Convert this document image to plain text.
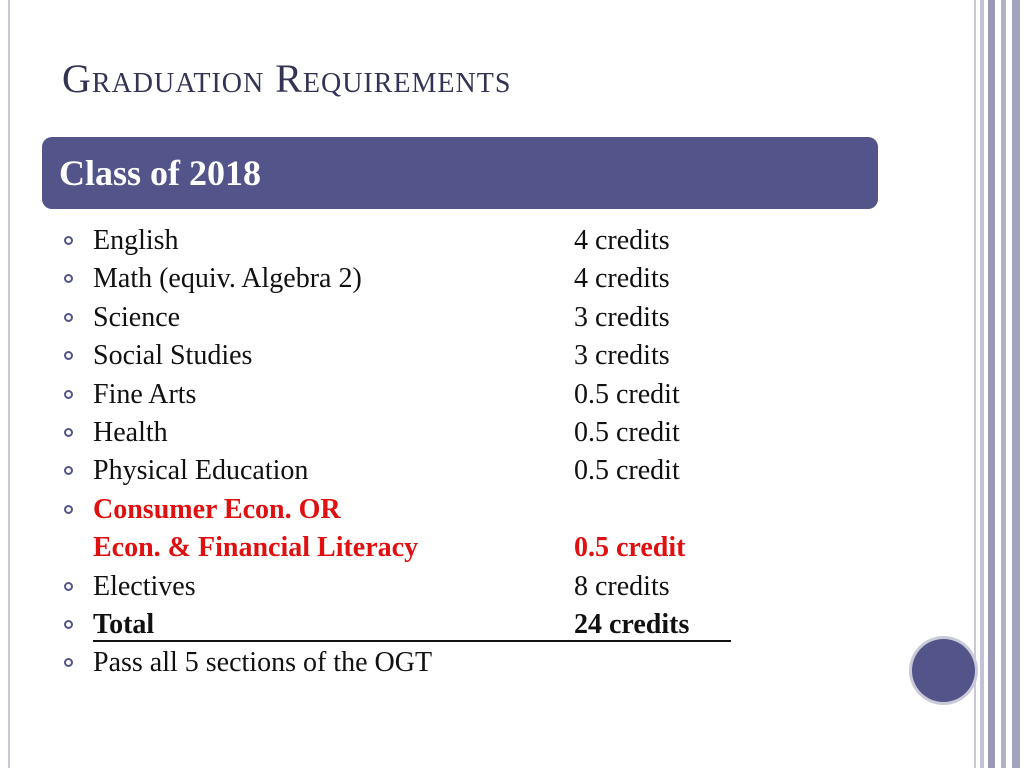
Graduation Requirements
Class of 2018
English	4 credits
Math (equiv. Algebra 2)	4 credits
Science	3 credits
Social Studies	3 credits
Fine Arts	0.5 credit
Health	0.5 credit
Physical Education	0.5 credit
Consumer Econ. OR
Econ. & Financial Literacy	0.5 credit
Electives	8 credits
Total	24 credits
Pass all 5 sections of the OGT
